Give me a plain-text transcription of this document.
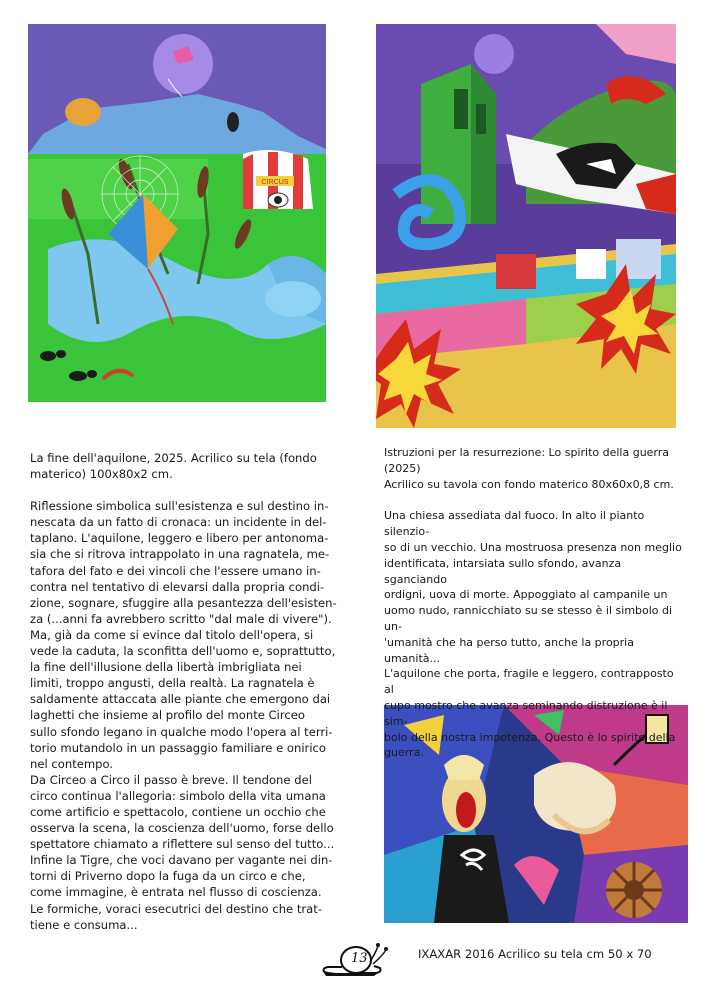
CIRCUS

La fine dell'aquilone, 2025. Acrilico su tela (fondo materico) 100x80x2 cm.

Riflessione simbolica sull'esistenza e sul destino in-
nescata da un fatto di cronaca: un incidente in del-
taplano. L'aquilone, leggero e libero per antonoma-
sia che si ritrova intrappolato in una ragnatela, me-
tafora del fato e dei vincoli che l'essere umano in-
contra nel tentativo di elevarsi dalla propria condi-
zione, sognare, sfuggire alla pesantezza dell'esisten-
za (...anni fa avrebbero scritto "dal male di vivere").
Ma, già da come si evince dal titolo dell'opera, si
vede la caduta, la sconfitta dell'uomo e, soprattutto,
la fine dell'illusione della libertà imbrigliata nei
limiti, troppo angusti, della realtà. La ragnatela è
saldamente attaccata alle piante che emergono dai
laghetti che insieme al profilo del monte Circeo
sullo sfondo legano in qualche modo l'opera al terri-
torio mutandolo in un passaggio familiare e onirico
nel contempo.

Da Circeo a Circo il passo è breve. Il tendone del
circo continua l'allegoria: simbolo della vita umana
come artificio e spettacolo, contiene un occhio che
osserva la scena, la coscienza dell'uomo, forse dello
spettatore chiamato a riflettere sul senso del tutto...
Infine la Tigre, che voci davano per vagante nei din-
torni di Priverno dopo la fuga da un circo e che,
come immagine, è entrata nel flusso di coscienza.
Le formiche, voraci esecutrici del destino che trat-
tiene e consuma...

Istruzioni per la resurrezione: Lo spirito della guerra

(2025)

Acrilico su tavola con fondo materico 80x60x0,8 cm.

Una chiesa assediata dal fuoco. In alto il pianto silenzio-
so di un vecchio. Una mostruosa presenza non meglio
identificata, intarsiata sullo sfondo, avanza sganciando
ordigni, uova di morte. Appoggiato al campanile un
uomo nudo, rannicchiato su se stesso è il simbolo di un-
'umanità che ha perso tutto, anche la propria umanità...
L'aquilone che porta, fragile e leggero, contrapposto al
cupo mostro che avanza seminando distruzione è il sim-
bolo della nostra impotenza. Questo è lo spirito della
guerra.

IXAXAR 2016 Acrilico su tela cm 50 x 70

13
